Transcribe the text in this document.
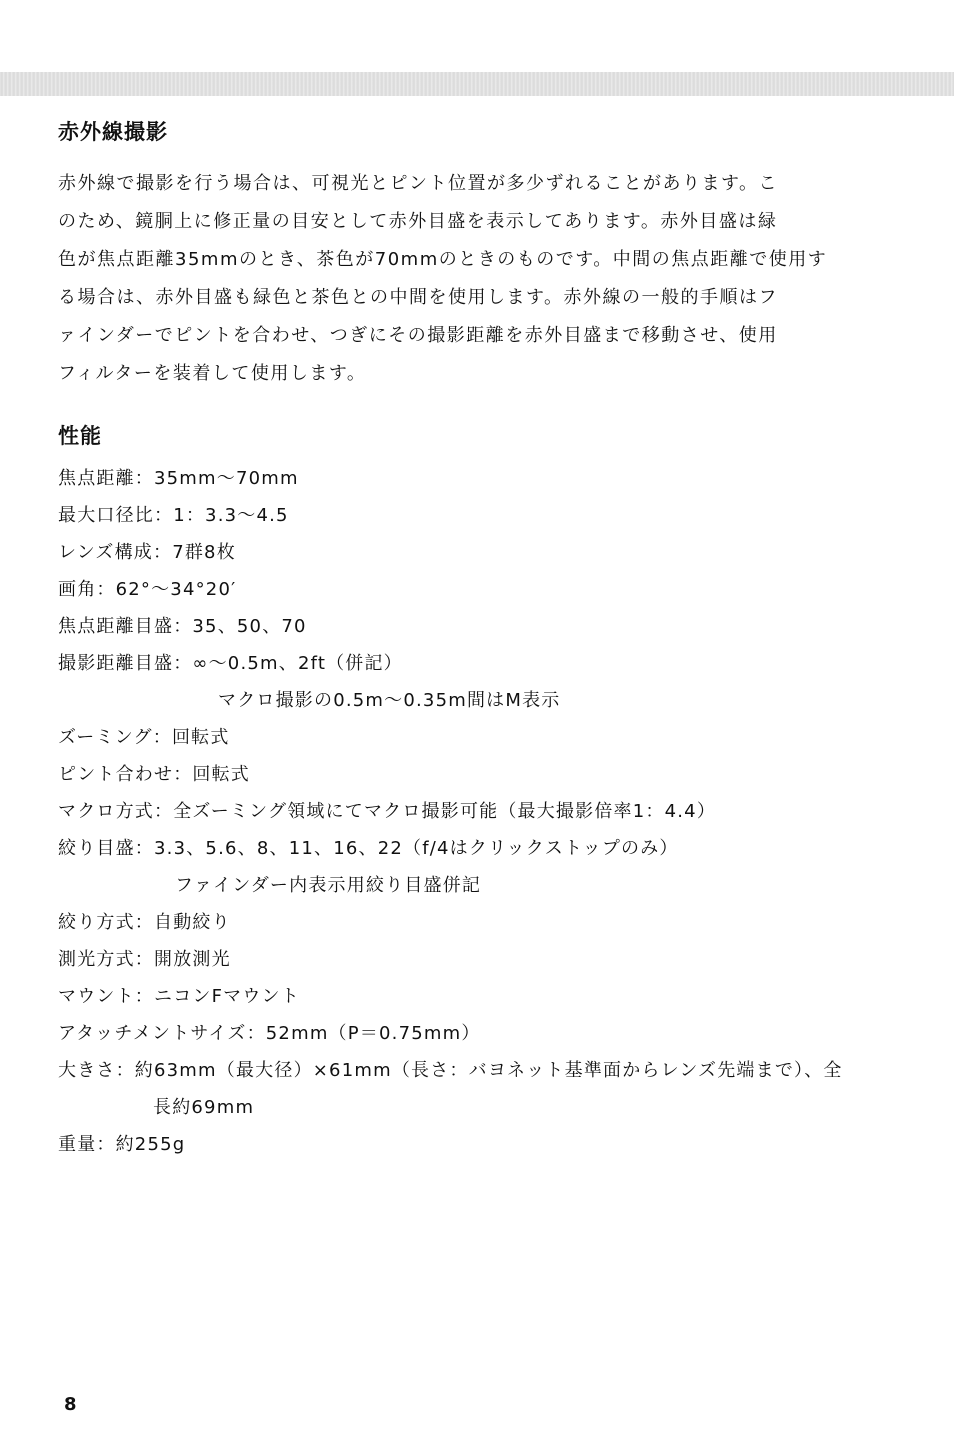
赤外線撮影
赤外線で撮影を行う場合は、可視光とピント位置が多少ずれることがあります。こ
のため、鏡胴上に修正量の目安として赤外目盛を表示してあります。赤外目盛は緑
色が焦点距離35mmのとき、茶色が70mmのときのものです。中間の焦点距離で使用す
る場合は、赤外目盛も緑色と茶色との中間を使用します。赤外線の一般的手順はフ
ァインダーでピントを合わせ、つぎにその撮影距離を赤外目盛まで移動させ、使用
フィルターを装着して使用します。
性能
焦点距離：35mm～70mm
最大口径比：1：3.3～4.5
レンズ構成：7群8枚
画角：62°～34°20′
焦点距離目盛：35、50、70
撮影距離目盛：∞～0.5m、2ft（併記）
マクロ撮影の0.5m～0.35m間はM表示
ズーミング：回転式
ピント合わせ：回転式
マクロ方式：全ズーミング領域にてマクロ撮影可能（最大撮影倍率1：4.4）
絞り目盛：3.3、5.6、8、11、16、22（f/4はクリックストップのみ）
ファインダー内表示用絞り目盛併記
絞り方式：自動絞り
測光方式：開放測光
マウント：ニコンFマウント
アタッチメントサイズ：52mm（P＝0.75mm）
大きさ：約63mm（最大径）×61mm（長さ：バヨネット基準面からレンズ先端まで）、全
長約69mm
重量：約255g
8
